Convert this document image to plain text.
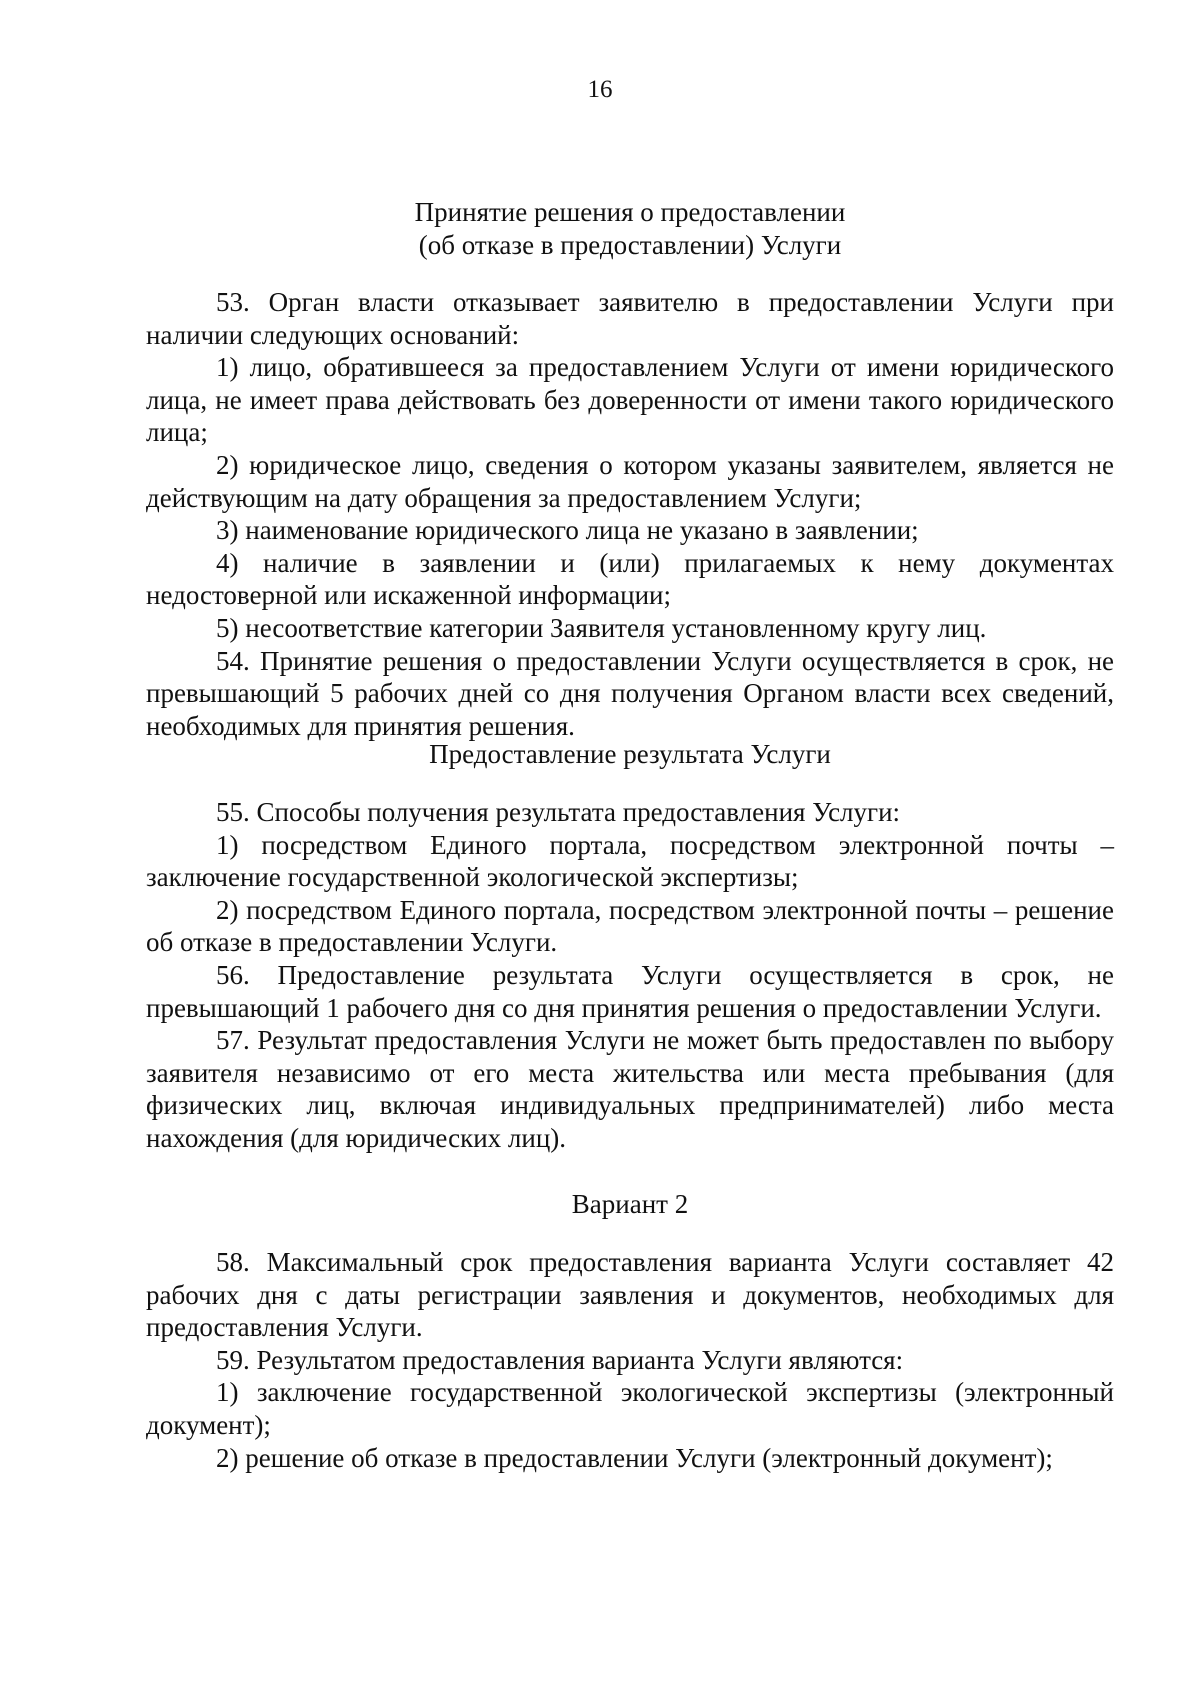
16
Принятие решения о предоставлении
(об отказе в предоставлении) Услуги

53. Орган власти отказывает заявителю в предоставлении Услуги при наличии следующих оснований:

1) лицо, обратившееся за предоставлением Услуги от имени юридического лица, не имеет права действовать без доверенности от имени такого юридического лица;

2) юридическое лицо, сведения о котором указаны заявителем, является не действующим на дату обращения за предоставлением Услуги;

3) наименование юридического лица не указано в заявлении;

4) наличие в заявлении и (или) прилагаемых к нему документах недостоверной или искаженной информации;

5) несоответствие категории Заявителя установленному кругу лиц.

54. Принятие решения о предоставлении Услуги осуществляется в срок, не превышающий 5 рабочих дней со дня получения Органом власти всех сведений, необходимых для принятия решения.

Предоставление результата Услуги

55. Способы получения результата предоставления Услуги:

1) посредством Единого портала, посредством электронной почты – заключение государственной экологической экспертизы;

2) посредством Единого портала, посредством электронной почты – решение об отказе в предоставлении Услуги.

56. Предоставление результата Услуги осуществляется в срок, не превышающий 1 рабочего дня со дня принятия решения о предоставлении Услуги.

57. Результат предоставления Услуги не может быть предоставлен по выбору заявителя независимо от его места жительства или места пребывания (для физических лиц, включая индивидуальных предпринимателей) либо места нахождения (для юридических лиц).

Вариант 2

58. Максимальный срок предоставления варианта Услуги составляет 42 рабочих дня с даты регистрации заявления и документов, необходимых для предоставления Услуги.

59. Результатом предоставления варианта Услуги являются:

1) заключение государственной экологической экспертизы (электронный документ);

2) решение об отказе в предоставлении Услуги (электронный документ);
